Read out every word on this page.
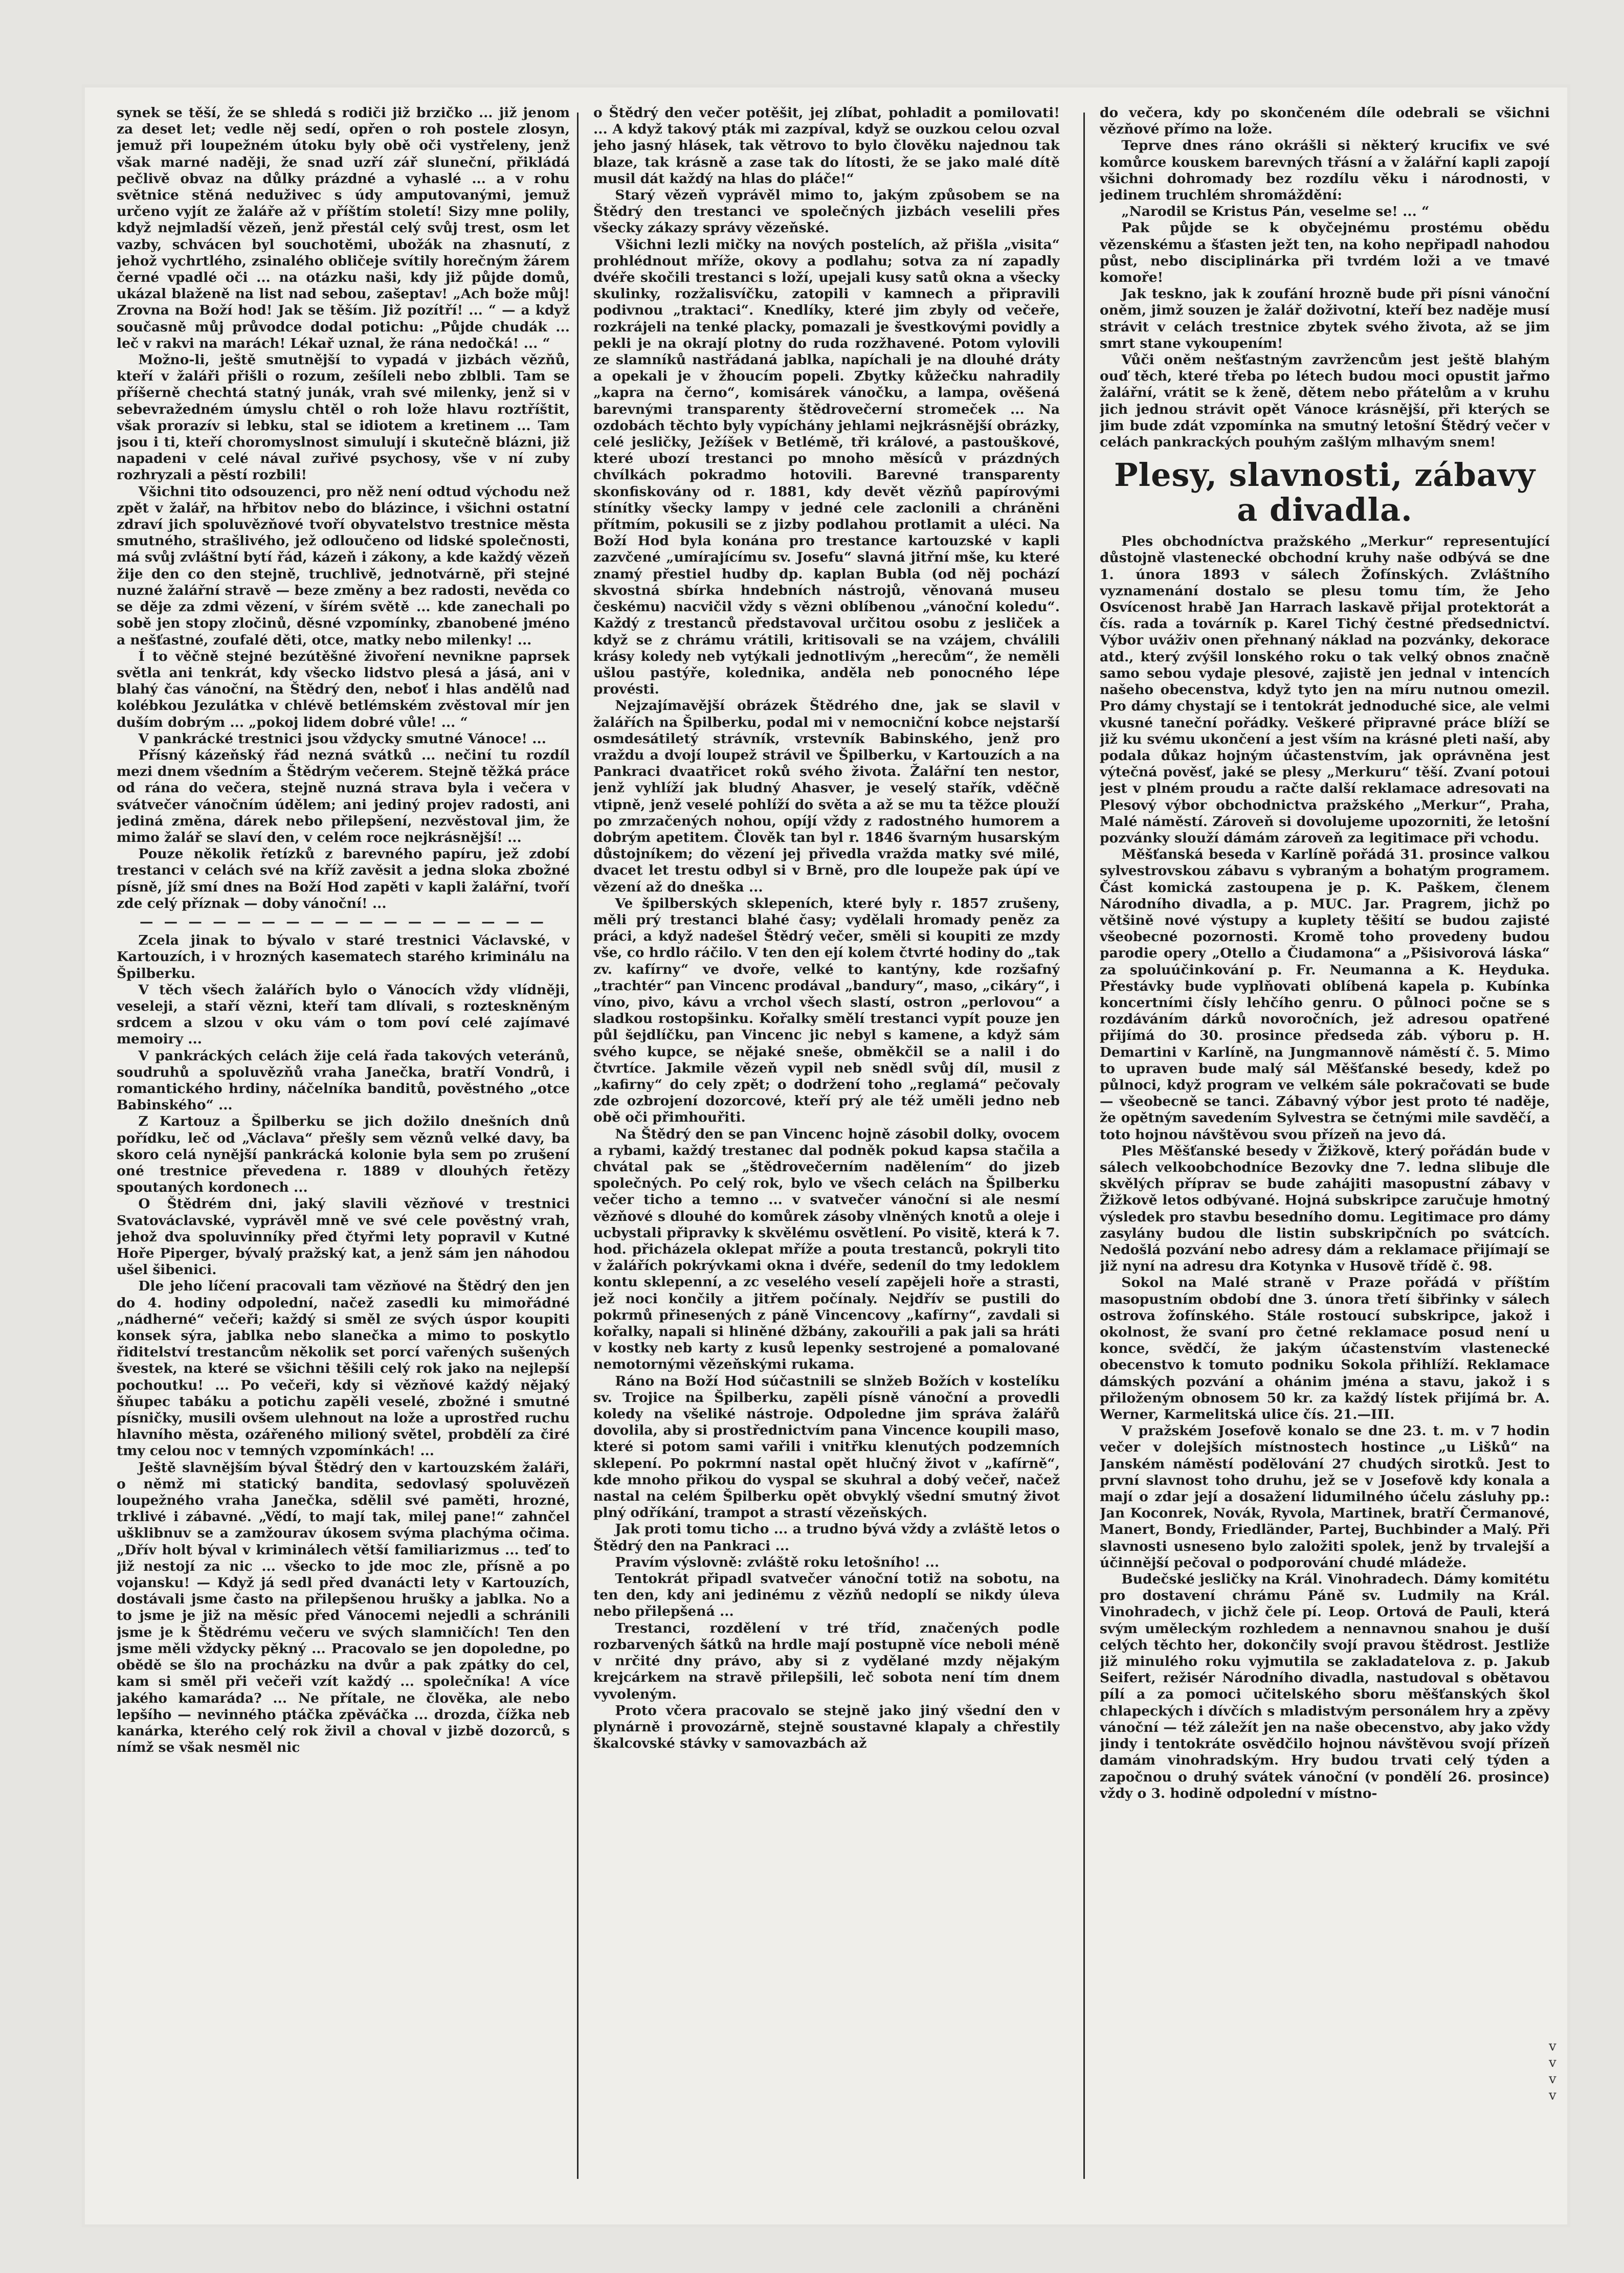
synek se těší, že se shledá s rodiči již brzičko ... již jenom za deset let; vedle něj sedí, opřen o roh postele zlosyn, jemuž při loupežném útoku byly obě oči vystřeleny, jenž však marné naději, že snad uzří zář sluneční, přikládá pečlivě obvaz na důlky prázdné a vyhaslé ... a v rohu světnice stěná neduživec s údy amputovanými, jemuž určeno vyjít ze žaláře až v příštím století! Sizy mne polily, když nejmladší vězeň, jenž přestál celý svůj trest, osm let vazby, schvácen byl souchotěmi, ubožák na zhasnutí, z jehož vychrtlého, zsinalého obličeje svítily horečným žárem černé vpadlé oči ... na otázku naši, kdy již půjde domů, ukázal blaženě na list nad sebou, zašeptav! „Ach bože můj! Zrovna na Boží hod! Jak se těším. Již pozítří! ... “ — a když současně můj průvodce dodal potichu: „Půjde chudák ... leč v rakvi na marách! Lékař uznal, že rána nedočká! ... “

Možno-li, ještě smutnější to vypadá v jizbách vězňů, kteří v žaláři přišli o rozum, zešíleli nebo zblbli. Tam se příšerně chechtá statný junák, vrah své milenky, jenž si v sebevražedném úmyslu chtěl o roh lože hlavu roztříštit, však prorazív si lebku, stal se idiotem a kretinem ... Tam jsou i ti, kteří choromyslnost simulují i skutečně blázni, již napadeni v celé nával zuřivé psychosy, vše v ní zuby rozhryzali a pěstí rozbili!

Všichni tito odsouzenci, pro něž není odtud východu než zpět v žalář, na hřbitov nebo do blázince, i všichni ostatní zdraví jich spoluvězňové tvoří obyvatelstvo trestnice města smutného, strašlivého, jež odloučeno od lidské společnosti, má svůj zvláštní bytí řád, kázeň i zákony, a kde každý vězeň žije den co den stejně, truchlivě, jednotvárně, při stejné nuzné žalářní stravě — beze změny a bez radosti, nevěda co se děje za zdmi vězení, v šírém světě ... kde zanechali po sobě jen stopy zločinů, děsné vzpomínky, zbanobené jméno a nešťastné, zoufalé děti, otce, matky nebo milenky! ...

Í to věčně stejné bezútěšné živoření nevnikne paprsek světla ani tenkrát, kdy všecko lidstvo plesá a jásá, ani v blahý čas vánoční, na Štědrý den, neboť i hlas andělů nad kolébkou Jezulátka v chlévě betlémském zvěstoval mír jen duším dobrým ... „pokoj lidem dobré vůle! ... “

V pankrácké trestnici jsou vždycky smutné Vánoce! ...

Přísný kázeňský řád nezná svátků ... nečiní tu rozdíl mezi dnem všedním a Štědrým večerem. Stejně těžká práce od rána do večera, stejně nuzná strava byla i večera v svátvečer vánočním údělem; ani jediný projev radosti, ani jediná změna, dárek nebo přilepšení, nezvěstoval jim, že mimo žalář se slaví den, v celém roce nejkrásnější! ...

Pouze několik řetízků z barevného papíru, jež zdobí trestanci v celách své na kříž zavěsit a jedna sloka zbožné písně, jíž smí dnes na Boží Hod zapěti v kapli žalářní, tvoří zde celý příznak — doby vánoční! ...

— — — — — — — — — — — — — — — — —

Zcela jinak to bývalo v staré trestnici Václavské, v Kartouzích, i v hrozných kasematech starého kriminálu na Špilberku.

V těch všech žalářích bylo o Vánocích vždy vlídněji, veseleji, a staří vězni, kteří tam dlívali, s rozteskněným srdcem a slzou v oku vám o tom poví celé zajímavé memoiry ...

V pankráckých celách žije celá řada takových veteránů, soudruhů a spoluvězňů vraha Janečka, bratří Vondrů, i romantického hrdiny, náčelníka banditů, pověstného „otce Babinského“ ...

Z Kartouz a Špilberku se jich dožilo dnešních dnů pořídku, leč od „Václava“ přešly sem věznů velké davy, ba skoro celá nynější pankrácká kolonie byla sem po zrušení oné trestnice převedena r. 1889 v dlouhých řetězy spoutaných kordonech ...

O Štědrém dni, jaký slavili vězňové v trestnici Svatováclavské, vyprávěl mně ve své cele pověstný vrah, jehož dva spoluvinníky před čtyřmi lety popravil v Kutné Hoře Piperger, bývalý pražský kat, a jenž sám jen náhodou ušel šibenici.

Dle jeho líčení pracovali tam vězňové na Štědrý den jen do 4. hodiny odpolední, načež zasedli ku mimořádné „nádherné“ večeři; každý si směl ze svých úspor koupiti konsek sýra, jablka nebo slanečka a mimo to poskytlo řiditelství trestancům několik set porcí vařených sušených švestek, na které se všichni těšili celý rok jako na nejlepší pochoutku! ... Po večeři, kdy si vězňové každý nějaký šňupec tabáku a potichu zapěli veselé, zbožné i smutné písničky, musili ovšem ulehnout na lože a uprostřed ruchu hlavního města, ozářeného milioný světel, probdělí za čiré tmy celou noc v temných vzpomínkách! ...

Ještě slavnějším býval Štědrý den v kartouzském žaláři, o němž mi statický bandita, sedovlasý spoluvězeň loupežného vraha Janečka, sdělil své paměti, hrozné, trklivé i zábavné. „Vědí, to mají tak, milej pane!“ zahnčel ušklibnuv se a zamžourav úkosem svýma plachýma očima. „Dřív holt býval v kriminálech větší familiarizmus ... teď to již nestojí za nic ... všecko to jde moc zle, přísně a po vojansku! — Když já sedl před dvanácti lety v Kartouzích, dostávali jsme často na přilepšenou hrušky a jablka. No a to jsme je již na měsíc před Vánocemi nejedli a schránili jsme je k Štědrému večeru ve svých slamničích! Ten den jsme měli vždycky pěkný ... Pracovalo se jen dopoledne, po obědě se šlo na procházku na dvůr a pak zpátky do cel, kam si směl při večeři vzít každý ... společníka! A více jakého kamaráda? ... Ne přítale, ne člověka, ale nebo lepšího — nevinného ptáčka zpěváčka ... drozda, čížka neb kanárka, kterého celý rok živil a choval v jizbě dozorců, s nímž se však nesměl nic

o Štědrý den večer potěšit, jej zlíbat, pohladit a pomilovati! ... A když takový pták mi zazpíval, když se ouzkou celou ozval jeho jasný hlásek, tak větrovo to bylo člověku najednou tak blaze, tak krásně a zase tak do lítosti, že se jako malé dítě musil dát každý na hlas do pláče!“

Starý vězeň vyprávěl mimo to, jakým způsobem se na Štědrý den trestanci ve společných jizbách veselili přes všecky zákazy správy vězeňské.

Všichni lezli mičky na nových postelích, až přišla „visita“ prohlédnout mříže, okovy a podlahu; sotva za ní zapadly dvéře skočili trestanci s loží, upejali kusy satů okna a všecky skulinky, rozžalisvíčku, zatopili v kamnech a připravili podivnou „traktaci“. Knedlíky, které jim zbyly od večeře, rozkrájeli na tenké placky, pomazali je švestkovými povidly a pekli je na okrají plotny do ruda rozžhavené. Potom vylovili ze slamníků nastřádaná jablka, napíchali je na dlouhé dráty a opekali je v žhoucím popeli. Zbytky kůžečku nahradily „kapra na černo“, komisárek vánočku, a lampa, ověšená barevnými transparenty štědrovečerní stromeček ... Na ozdobách těchto byly vypíchány jehlami nejkrásnější obrázky, celé jesličky, Ježíšek v Betlémě, tři králové, a pastouškové, které ubozí trestanci po mnoho měsíců v prázdných chvílkách pokradmo hotovili. Barevné transparenty skonfiskovány od r. 1881, kdy devět vězňů papírovými stínítky všecky lampy v jedné cele zaclonili a chráněni přítmím, pokusili se z jizby podlahou protlamit a uléci. Na Boží Hod byla konána pro trestance kartouzské v kapli zazvčené „umírajícímu sv. Josefu“ slavná jitřní mše, ku které znamý přestiel hudby dp. kaplan Bubla (od něj pochází skvostná sbírka hndebních nástrojů, věnovaná museu českému) nacvičil vždy s vězni oblíbenou „vánoční koledu“. Každý z trestanců představoval určitou osobu z jesliček a když se z chrámu vrátili, kritisovali se na vzájem, chválili krásy koledy neb vytýkali jednotlivým „herecům“, že neměli ušlou pastýře, kolednika, anděla neb ponocného lépe provésti.

Nejzajímavější obrázek Štědrého dne, jak se slavil v žalářích na Špilberku, podal mi v nemocniční kobce nejstarší osmdesátiletý strávník, vrstevník Babinského, jenž pro vraždu a dvojí loupež strávil ve Špilberku, v Kartouzích a na Pankraci dvaatřicet roků svého života. Žalářní ten nestor, jenž vyhlíží jak bludný Ahasver, je veselý stařík, vděčně vtipně, jenž veselé pohlíží do světa a až se mu ta těžce plouží po zmrzačených nohou, opíjí vždy z radostného humorem a dobrým apetitem. Člověk tan byl r. 1846 švarným husarským důstojníkem; do vězení jej přivedla vražda matky své milé, dvacet let trestu odbyl si v Brně, pro dle loupeže pak úpí ve vězení až do dneška ...

Ve špilberských sklepeních, které byly r. 1857 zrušeny, měli prý trestanci blahé časy; vydělali hromady peněz za práci, a když nadešel Štědrý večer, směli si koupiti ze mzdy vše, co hrdlo ráčilo. V ten den ejí kolem čtvrté hodiny do „tak zv. kafírny“ ve dvoře, velké to kantýny, kde rozšafný „trachtér“ pan Vincenc prodával „bandury“, maso, „cikáry“, i víno, pivo, kávu a vrchol všech slastí, ostron „perlovou“ a sladkou rostopšinku. Kořalky smělí trestanci vypít pouze jen půl šejdlíčku, pan Vincenc jic nebyl s kamene, a když sám svého kupce, se nějaké sneše, obměkčil se a nalil i do čtvrtíce. Jakmile vězeň vypil neb snědl svůj díl, musil z „kafirny“ do cely zpět; o dodržení toho „reglamá“ pečovaly zde ozbrojení dozorcové, kteří prý ale též uměli jedno neb obě oči přimhouřiti.

Na Štědrý den se pan Vincenc hojně zásobil dolky, ovocem a rybami, každý trestanec dal podněk pokud kapsa stačila a chvátal pak se „štědrovečerním nadělením“ do jizeb společných. Po celý rok, bylo ve všech celách na Špilberku večer ticho a temno ... v svatvečer vánoční si ale nesmí vězňové s dlouhé do komůrek zásoby vlněných knotů a oleje i ucbystali připravky k skvělému osvětlení. Po visitě, která k 7. hod. přicházela oklepat mříže a pouta trestanců, pokryli tito v žalářích pokrývkami okna i dvéře, sedeníl do tmy ledoklem kontu sklepenní, a zc veselého veselí zapějeli hoře a strasti, jež noci končily a jitřem počínaly. Nejdřív se pustili do pokrmů přinesených z páně Vincencovy „kafírny“, zavdali si kořalky, napali si hliněné džbány, zakouřili a pak jali sa hráti v kostky neb karty z kusů lepenky sestrojené a pomalované nemotornými vězeňskými rukama.

Ráno na Boží Hod súčastnili se slnžeb Božích v kostelíku sv. Trojice na Špilberku, zapěli písně vánoční a provedli koledy na všeliké nástroje. Odpoledne jim správa žalářů dovolila, aby si prostřednictvím pana Vincence koupili maso, které si potom sami vařili i vnitřku klenutých podzemních sklepení. Po pokrmní nastal opět hlučný život v „kafírně“, kde mnoho přikou do vyspal se skuhral a dobý večeř, načež nastal na celém Špilberku opět obvyklý všední smutný život plný odříkání, trampot a strastí vězeňských.

Jak proti tomu ticho ... a trudno bývá vždy a zvláště letos o Štědrý den na Pankraci ...

Pravím výslovně: zvláště roku letošního! ...

Tentokrát připadl svatvečer vánoční totiž na sobotu, na ten den, kdy ani jedinému z vězňů nedoplí se nikdy úleva nebo přilepšená ...

Trestanci, rozdělení v tré tříd, značených podle rozbarvených šátků na hrdle mají postupně více neboli méně v nrčité dny právo, aby si z vydělané mzdy nějakým krejcárkem na stravě přilepšili, leč sobota není tím dnem vyvoleným.

Proto včera pracovalo se stejně jako jiný všední den v plynárně i provozárně, stejně soustavné klapaly a chřestily škalcovské stávky v samovazbách až

do večera, kdy po skončeném díle odebrali se všichni vězňové přímo na lože.

Teprve dnes ráno okrášli si některý krucifix ve své komůrce kouskem barevných třásní a v žalářní kapli zapojí všichni dohromady bez rozdílu věku i národnosti, v jedinem truchlém shromáždění:

„Narodil se Kristus Pán, veselme se! ... “

Pak půjde se k obyčejnému prostému obědu vězenskému a šťasten ježt ten, na koho nepřipadl nahodou půst, nebo disciplinárka při tvrdém loži a ve tmavé komoře!

Jak teskno, jak k zoufání hrozně bude při písni vánoční oněm, jimž souzen je žalář doživotní, kteří bez naděje musí strávit v celách trestnice zbytek svého života, až se jim smrt stane vykoupením!

Vůči oněm nešťastným zavržencům jest ještě blahým ouď těch, které třeba po létech budou moci opustit jařmo žalářní, vrátit se k ženě, dětem nebo přátelům a v kruhu jich jednou strávit opět Vánoce krásnější, při kterých se jim bude zdát vzpomínka na smutný letošní Štědrý večer v celách pankrackých pouhým zašlým mlhavým snem!

Plesy, slavnosti, zábavy a divadla.

Ples obchodníctva pražského „Merkur“ representující důstojně vlastenecké obchodní kruhy naše odbývá se dne 1. února 1893 v sálech Žofínských. Zvláštního vyznamenání dostalo se plesu tomu tím, že Jeho Osvícenost hrabě Jan Harrach laskavě přijal protektorát a čís. rada a továrník p. Karel Tichý čestné předsednictví. Výbor uváživ onen přehnaný náklad na pozvánky, dekorace atd., který zvýšil lonského roku o tak velký obnos značně samo sebou vydaje plesové, zajistě jen jednal v intencích našeho obecenstva, když tyto jen na míru nutnou omezil. Pro dámy chystají se i tentokrát jednoduché sice, ale velmi vkusné taneční pořádky. Veškeré připravné práce blíží se již ku svému ukončení a jest vším na krásné pleti naší, aby podala důkaz hojným účastenstvím, jak oprávněna jest výtečná pověsť, jaké se plesy „Merkuru“ těší. Zvaní potoui jest v plném proudu a račte další reklamace adresovati na Plesový výbor obchodnictva pražského „Merkur“, Praha, Malé náměstí. Zároveň si dovolujeme upozorniti, že letošní pozvánky slouží dámám zároveň za legitimace při vchodu.

Měšťanská beseda v Karlíně pořádá 31. prosince valkou sylvestrovskou zábavu s vybraným a bohatým programem. Část komická zastoupena je p. K. Paškem, členem Národního divadla, a p. MUC. Jar. Pragrem, jichž po většině nové výstupy a kuplety těšití se budou zajisté všeobecné pozornosti. Kromě toho provedeny budou parodie opery „Otello a Čiudamona“ a „Pšisivorová láska“ za spoluúčinkování p. Fr. Neumanna a K. Heyduka. Přestávky bude vyplňovati oblíbená kapela p. Kubínka koncertními čísly lehčího genru. O půlnoci počne se s rozdáváním dárků novoročních, jež adresou opatřené přijímá do 30. prosince předseda záb. výboru p. H. Demartini v Karlíně, na Jungmannově náměstí č. 5. Mimo to upraven bude malý sál Měšťanské besedy, kdež po půlnoci, když program ve velkém sále pokračovati se bude — všeobecně se tanci. Zábavný výbor jest proto té naděje, že opětným savedením Sylvestra se četnými mile savděčí, a toto hojnou návštěvou svou přízeň na jevo dá.

Ples Měšťanské besedy v Žižkově, který pořádán bude v sálech velkoobchodníce Bezovky dne 7. ledna slibuje dle skvělých příprav se bude zahájiti masopustní zábavy v Žižkově letos odbývané. Hojná subskripce zaručuje hmotný výsledek pro stavbu besedního domu. Legitimace pro dámy zasylány budou dle listin subskripčních po svátcích. Nedošlá pozvání nebo adresy dám a reklamace přijímají se již nyní na adresu dra Kotynka v Husově třídě č. 98.

Sokol na Malé straně v Praze pořádá v příštím masopustním období dne 3. února třetí šibřinky v sálech ostrova žofínského. Stále rostoucí subskripce, jakož i okolnost, že svaní pro četné reklamace posud není u konce, svědčí, že jakým účastenstvím vlastenecké obecenstvo k tomuto podniku Sokola přihlíží. Reklamace dámských pozvání a ohánim jména a stavu, jakož i s přiloženým obnosem 50 kr. za každý lístek přijímá br. A. Werner, Karmelitská ulice čís. 21.—III.

V pražském Josefově konalo se dne 23. t. m. v 7 hodin večer v dolejších místnostech hostince „u Lišků“ na Janském náměstí podělování 27 chudých sirotků. Jest to první slavnost toho druhu, jež se v Josefově kdy konala a mají o zdar její a dosažení lidumilného účelu zásluhy pp.: Jan Koconrek, Novák, Ryvola, Martinek, bratří Čermanové, Manert, Bondy, Friedländer, Partej, Buchbinder a Malý. Při slavnosti usneseno bylo založiti spolek, jenž by trvalejší a účinnější pečoval o podporování chudé mládeže.

Budečské jesličky na Král. Vinohradech. Dámy komitétu pro dostavení chrámu Páně sv. Ludmily na Král. Vinohradech, v jichž čele pí. Leop. Ortová de Pauli, která svým uměleckým rozhledem a nennavnou snahou je duší celých těchto her, dokončily svojí pravou štědrost. Jestliže již minulého roku vyjmutila se zakladatelova z. p. Jakub Seifert, režisér Národního divadla, nastudoval s obětavou pílí a za pomoci učitelského sboru měšťanských škol chlapeckých i dívčích s mladistvým personálem hry a zpěvy vánoční — též záležít jen na naše obecenstvo, aby jako vždy jindy i tentokráte osvědčilo hojnou návštěvou svojí přízeň damám vinohradským. Hry budou trvati celý týden a započnou o druhý svátek vánoční (v pondělí 26. prosince) vždy o 3. hodině odpolední v místno-

v
v
v
v
